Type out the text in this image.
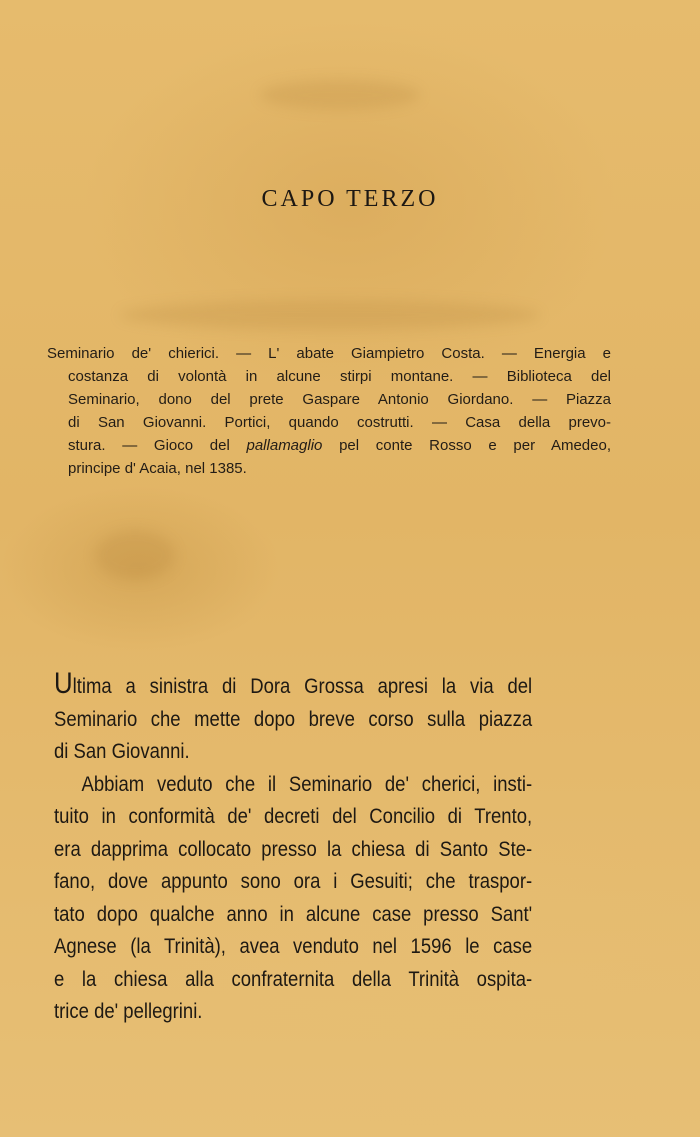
CAPO TERZO
Seminario de' chierici. — L' abate Giampietro Costa. — Energia e
costanza di volontà in alcune stirpi montane. — Biblioteca del
Seminario, dono del prete Gaspare Antonio Giordano. — Piazza
di San Giovanni. Portici, quando costrutti. — Casa della prevo-
stura. — Gioco del pallamaglio pel conte Rosso e per Amedeo,
principe d' Acaia, nel 1385.
Ultima a sinistra di Dora Grossa apresi la via del
Seminario che mette dopo breve corso sulla piazza
di San Giovanni.
Abbiam veduto che il Seminario de' cherici, insti-
tuito in conformità de' decreti del Concilio di Trento,
era dapprima collocato presso la chiesa di Santo Ste-
fano, dove appunto sono ora i Gesuiti; che traspor-
tato dopo qualche anno in alcune case presso Sant'
Agnese (la Trinità), avea venduto nel 1596 le case
e la chiesa alla confraternita della Trinità ospita-
trice de' pellegrini.
